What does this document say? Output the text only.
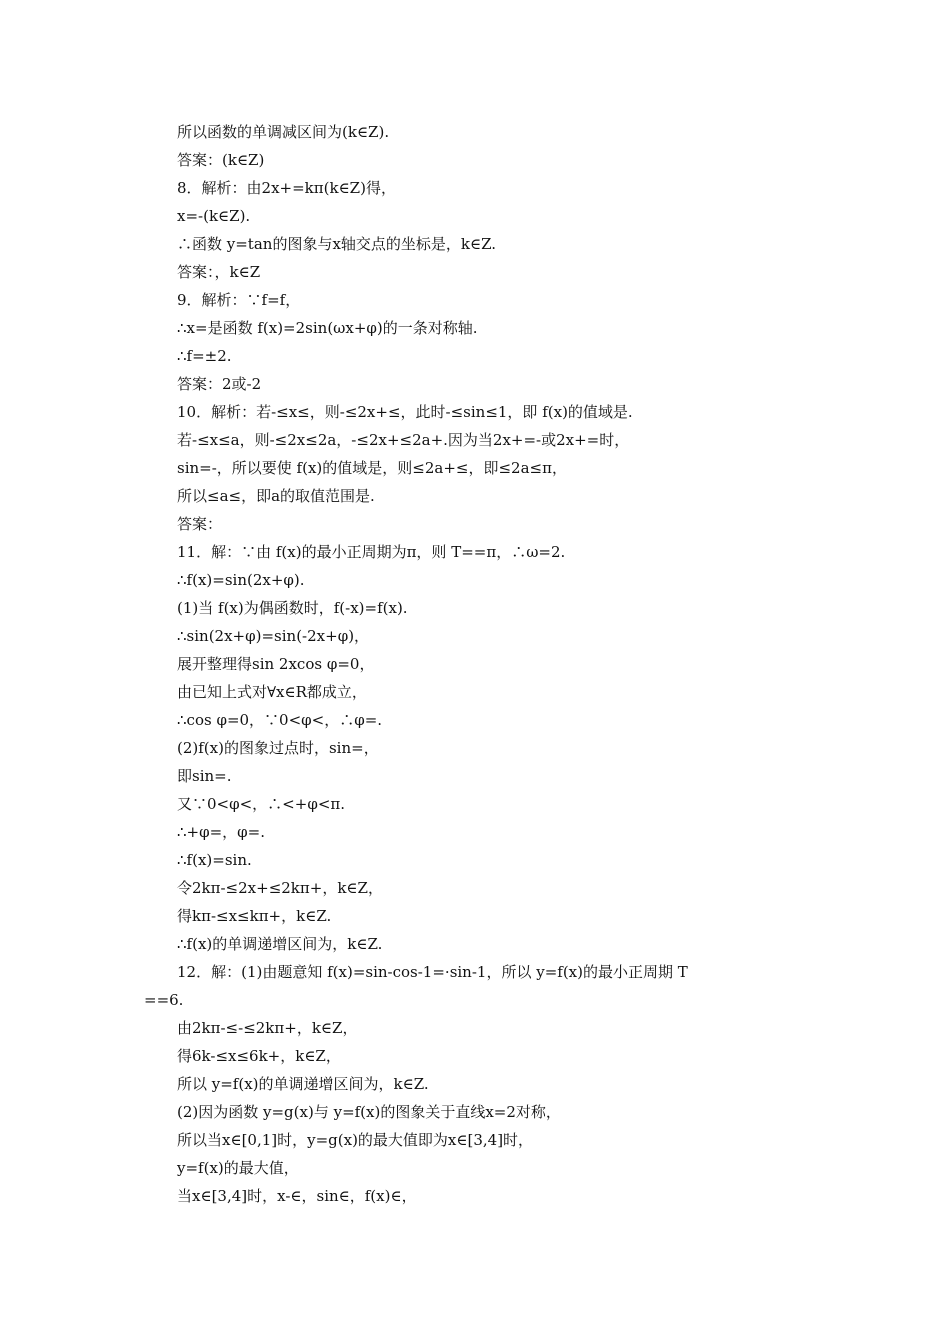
所以函数的单调减区间为(k∈Z).
答案：(k∈Z)
8．解析：由2x+=kπ(k∈Z)得，
x=-(k∈Z).
∴函数 y=tan的图象与x轴交点的坐标是，k∈Z.
答案：，k∈Z
9．解析：∵f=f，
∴x=是函数 f(x)=2sin(ωx+φ)的一条对称轴.
∴f=±2.
答案：2或-2
10．解析：若-≤x≤，则-≤2x+≤，此时-≤sin≤1，即 f(x)的值域是.
若-≤x≤a，则-≤2x≤2a，-≤2x+≤2a+.因为当2x+=-或2x+=时，
sin=-，所以要使 f(x)的值域是，则≤2a+≤，即≤2a≤π，
所以≤a≤，即a的取值范围是.
答案：
11．解：∵由 f(x)的最小正周期为π，则 T==π，∴ω=2.
∴f(x)=sin(2x+φ).
(1)当 f(x)为偶函数时，f(-x)=f(x).
∴sin(2x+φ)=sin(-2x+φ)，
展开整理得sin 2xcos φ=0，
由已知上式对∀x∈R都成立，
∴cos φ=0，∵0<φ<，∴φ=.
(2)f(x)的图象过点时，sin=，
即sin=.
又∵0<φ<，∴<+φ<π.
∴+φ=，φ=.
∴f(x)=sin.
令2kπ-≤2x+≤2kπ+，k∈Z，
得kπ-≤x≤kπ+，k∈Z.
∴f(x)的单调递增区间为，k∈Z.
12．解：(1)由题意知 f(x)=sin-cos-1=·sin-1，所以 y=f(x)的最小正周期 T
==6.
由2kπ-≤-≤2kπ+，k∈Z，
得6k-≤x≤6k+，k∈Z，
所以 y=f(x)的单调递增区间为，k∈Z.
(2)因为函数 y=g(x)与 y=f(x)的图象关于直线x=2对称，
所以当x∈[0,1]时，y=g(x)的最大值即为x∈[3,4]时，
y=f(x)的最大值，
当x∈[3,4]时，x-∈，sin∈，f(x)∈，
